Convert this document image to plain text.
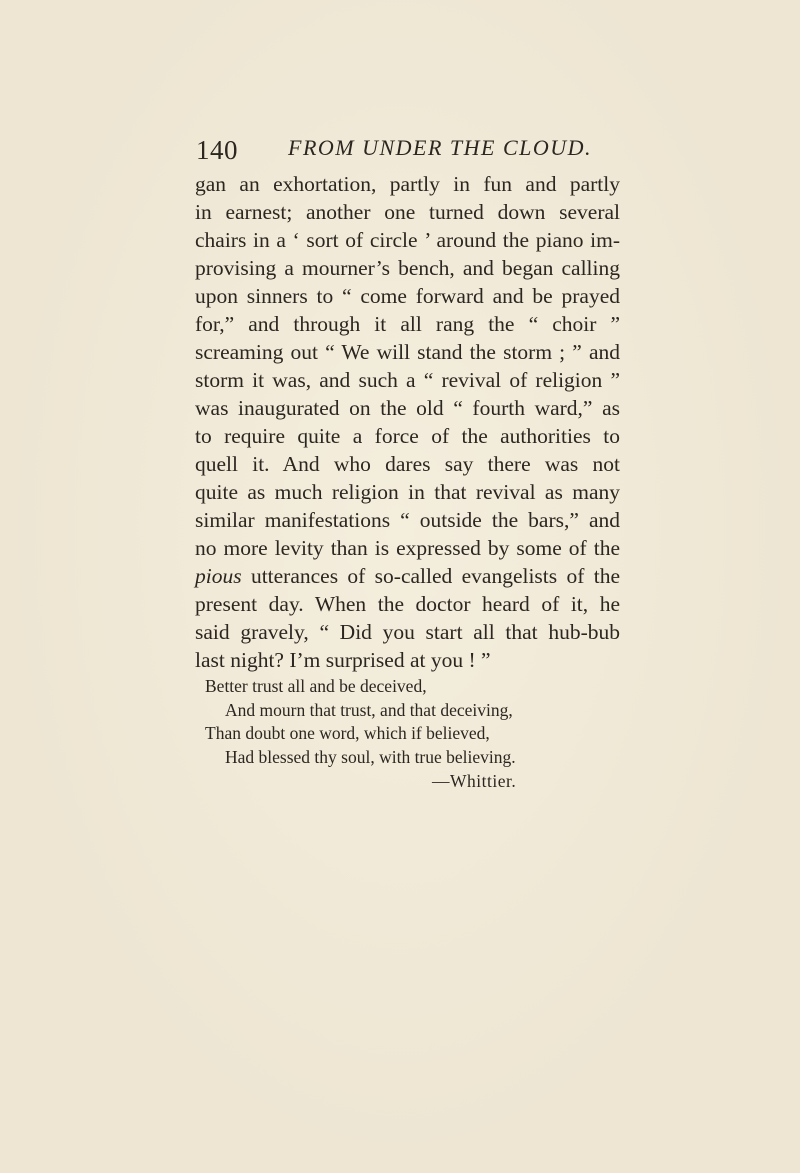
140 FROM UNDER THE CLOUD.
gan an exhortation, partly in fun and partly
in earnest; another one turned down several
chairs in a ‘ sort of circle ’ around the piano im-
provising a mourner’s bench, and began calling
upon sinners to “ come forward and be prayed
for,” and through it all rang the “ choir ”
screaming out “ We will stand the storm ; ” and
storm it was, and such a “ revival of religion ”
was inaugurated on the old “ fourth ward,” as
to require quite a force of the authorities to
quell it. And who dares say there was not
quite as much religion in that revival as many
similar manifestations “ outside the bars,” and
no more levity than is expressed by some of the
pious utterances of so-called evangelists of the
present day. When the doctor heard of it, he
said gravely, “ Did you start all that hub-bub
last night? I’m surprised at you ! ”
Better trust all and be deceived,
And mourn that trust, and that deceiving,
Than doubt one word, which if believed,
Had blessed thy soul, with true believing.
—Whittier.
